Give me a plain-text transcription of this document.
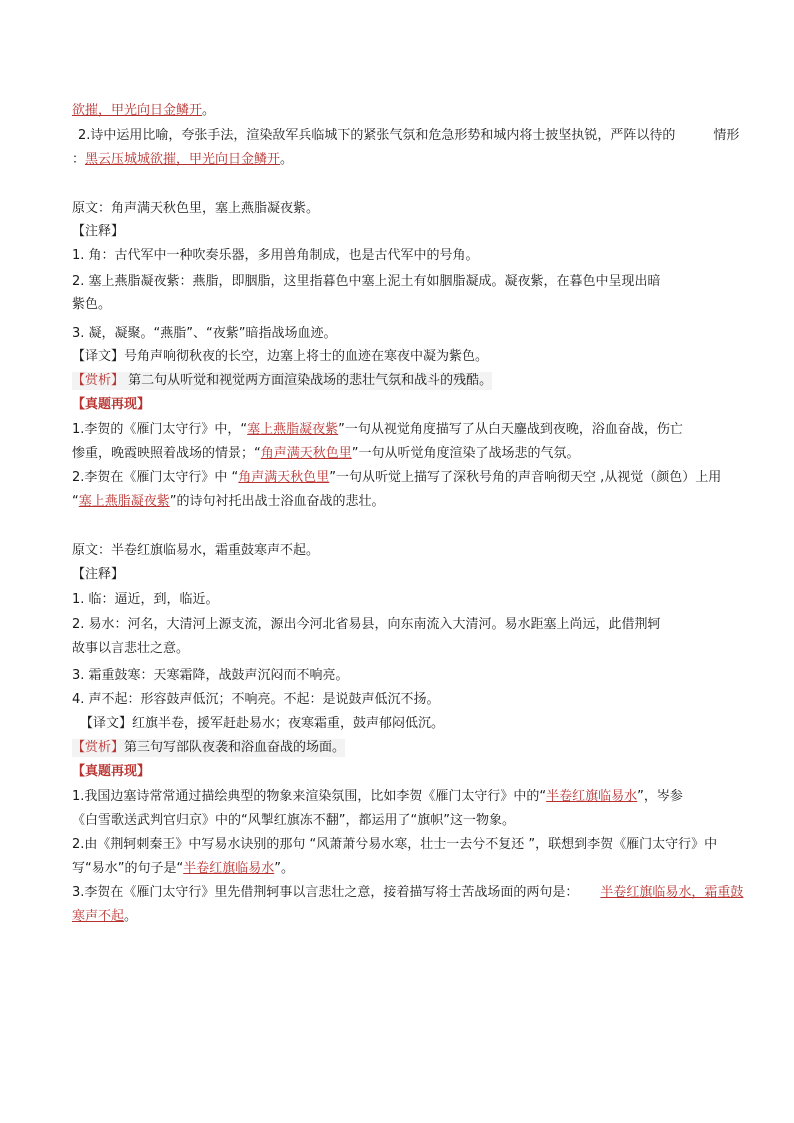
欲摧，甲光向日金鳞开。
2.诗中运用比喻，夸张手法，渲染敌军兵临城下的紧张气氛和危急形势和城内将士披坚执锐，严阵以待的	情形
：黑云压城城欲摧，甲光向日金鳞开。
原文：角声满天秋色里，塞上燕脂凝夜紫。
【注释】
1. 角：古代军中一种吹奏乐器，多用兽角制成，也是古代军中的号角。
2. 塞上燕脂凝夜紫：燕脂，即胭脂，这里指暮色中塞上泥土有如胭脂凝成。凝夜紫，在暮色中呈现出暗
紫色。
3. 凝，凝聚。“燕脂”、“夜紫”暗指战场血迹。
【译文】号角声响彻秋夜的长空，边塞上将士的血迹在寒夜中凝为紫色。
【赏析】 第二句从听觉和视觉两方面渲染战场的悲壮气氛和战斗的残酷。
【真题再现】
1.李贺的《雁门太守行》中，“塞上燕脂凝夜紫”一句从视觉角度描写了从白天鏖战到夜晚，浴血奋战，伤亡
惨重，晚霞映照着战场的情景；“角声满天秋色里”一句从听觉角度渲染了战场悲的气氛。
2.李贺在《雁门太守行》中 “角声满天秋色里”一句从听觉上描写了深秋号角的声音响彻天空 ,从视觉（颜色）上用
“塞上燕脂凝夜紫”的诗句衬托出战士浴血奋战的悲壮。
原文：半卷红旗临易水，霜重鼓寒声不起。
【注释】
1. 临：逼近，到，临近。
2. 易水：河名，大清河上源支流，源出今河北省易县，向东南流入大清河。易水距塞上尚远，此借荆轲
故事以言悲壮之意。
3. 霜重鼓寒：天寒霜降，战鼓声沉闷而不响亮。
4. 声不起：形容鼓声低沉；不响亮。不起：是说鼓声低沉不扬。
【译文】红旗半卷，援军赶赴易水；夜寒霜重，鼓声郁闷低沉。
【赏析】第三句写部队夜袭和浴血奋战的场面。
【真题再现】
1.我国边塞诗常常通过描绘典型的物象来渲染氛围，比如李贺《雁门太守行》中的“半卷红旗临易水”，岑参
《白雪歌送武判官归京》中的“风掣红旗冻不翻”，都运用了“旗帜”这一物象。
2.由《荆轲刺秦王》中写易水诀别的那句 “风萧萧兮易水寒，壮士一去兮不复还 ”，联想到李贺《雁门太守行》中
写“易水”的句子是“半卷红旗临易水”。
3.李贺在《雁门太守行》里先借荆轲事以言悲壮之意，接着描写将士苦战场面的两句是： 半卷红旗临易水，霜重鼓
寒声不起。
